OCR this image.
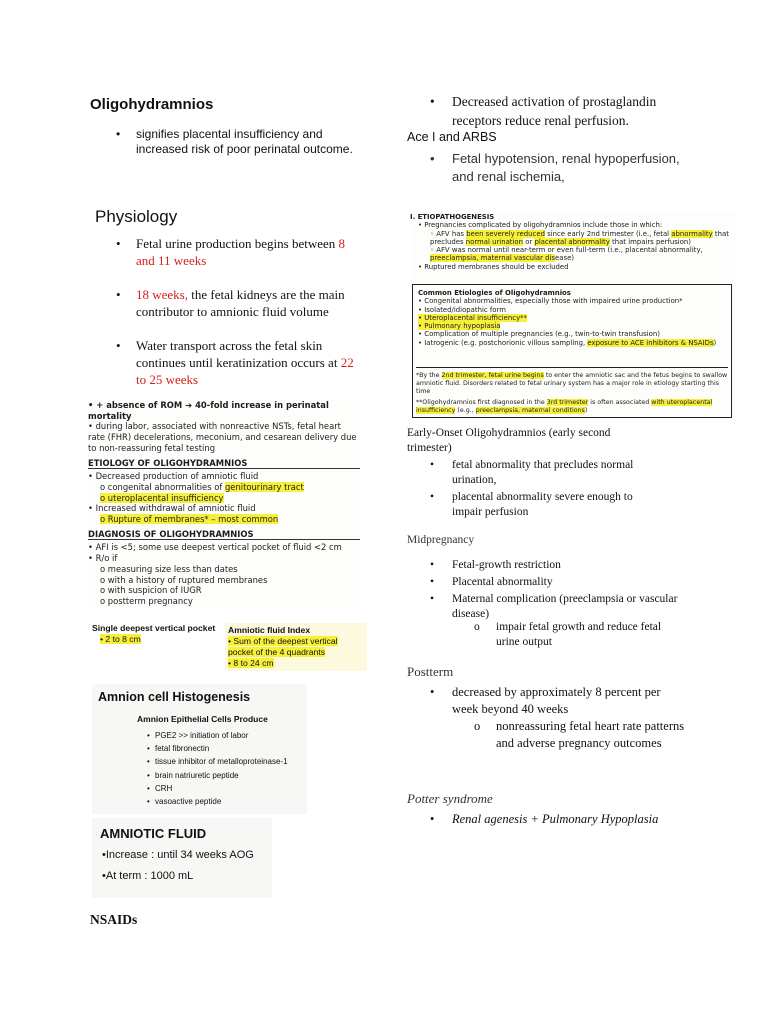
Oligohydramnios
• signifies placental insufficiency and increased risk of poor perinatal outcome.
Physiology
• Fetal urine production begins between 8 and 11 weeks
• 18 weeks, the fetal kidneys are the main contributor to amnionic fluid volume
• Water transport across the fetal skin continues until keratinization occurs at 22 to 25 weeks
• + absence of ROM ➔ 40-fold increase in perinatal mortality
• during labor, associated with nonreactive NSTs, fetal heart rate (FHR) decelerations, meconium, and cesarean delivery due to non-reassuring fetal testing
ETIOLOGY OF OLIGOHYDRAMNIOS
• Decreased production of amniotic fluid
o congenital abnormalities of genitourinary tract
o uteroplacental insufficiency
• Increased withdrawal of amniotic fluid
o Rupture of membranes* – most common
DIAGNOSIS OF OLIGOHYDRAMNIOS
• AFI is <5; some use deepest vertical pocket of fluid <2 cm
• R/o if
o measuring size less than dates
o with a history of ruptured membranes
o with suspicion of IUGR
o postterm pregnancy
Single deepest vertical pocket
• 2 to 8 cm
Amniotic fluid Index
• Sum of the deepest vertical pocket of the 4 quadrants
• 8 to 24 cm
Amnion cell Histogenesis
Amnion Epithelial Cells Produce
• PGE2 >> initiation of labor
• fetal fibronectin
• tissue inhibitor of metalloproteinase-1
• brain natriuretic peptide
• CRH
• vasoactive peptide
AMNIOTIC FLUID
•Increase : until 34 weeks AOG
•At term : 1000 mL
NSAIDs
• Decreased activation of prostaglandin receptors reduce renal perfusion.
Ace I and ARBS
• Fetal hypotension, renal hypoperfusion, and renal ischemia,
I. ETIOPATHOGENESIS
• Pregnancies complicated by oligohydramnios include those in which:
◦ AFV has been severely reduced since early 2nd trimester (i.e., fetal abnormality that precludes normal urination or placental abnormality that impairs perfusion)
◦ AFV was normal until near-term or even full-term (i.e., placental abnormality, preeclampsia, maternal vascular disease)
• Ruptured membranes should be excluded
Common Etiologies of Oligohydramnios
• Congenital abnormalities, especially those with impaired urine production*
• Isolated/idiopathic form
• Uteroplacental insufficiency**
• Pulmonary hypoplasia
• Complication of multiple pregnancies (e.g., twin-to-twin transfusion)
• Iatrogenic (e.g. postchorionic villous sampling, exposure to ACE inhibitors & NSAIDs)
*By the 2nd trimester, fetal urine begins to enter the amniotic sac and the fetus begins to swallow amniotic fluid. Disorders related to fetal urinary system has a major role in etiology starting this time
**Oligohydramnios first diagnosed in the 3rd trimester is often associated with uteroplacental insufficiency (e.g., preeclampsia, maternal conditions)
Early-Onset Oligohydramnios (early second trimester)
• fetal abnormality that precludes normal urination,
• placental abnormality severe enough to impair perfusion
Midpregnancy
• Fetal-growth restriction
• Placental abnormality
• Maternal complication (preeclampsia or vascular disease)
o	impair fetal growth and reduce fetal urine output
Postterm
• decreased by approximately 8 percent per week beyond 40 weeks
o	nonreassuring fetal heart rate patterns and adverse pregnancy outcomes
Potter syndrome
• Renal agenesis + Pulmonary Hypoplasia
